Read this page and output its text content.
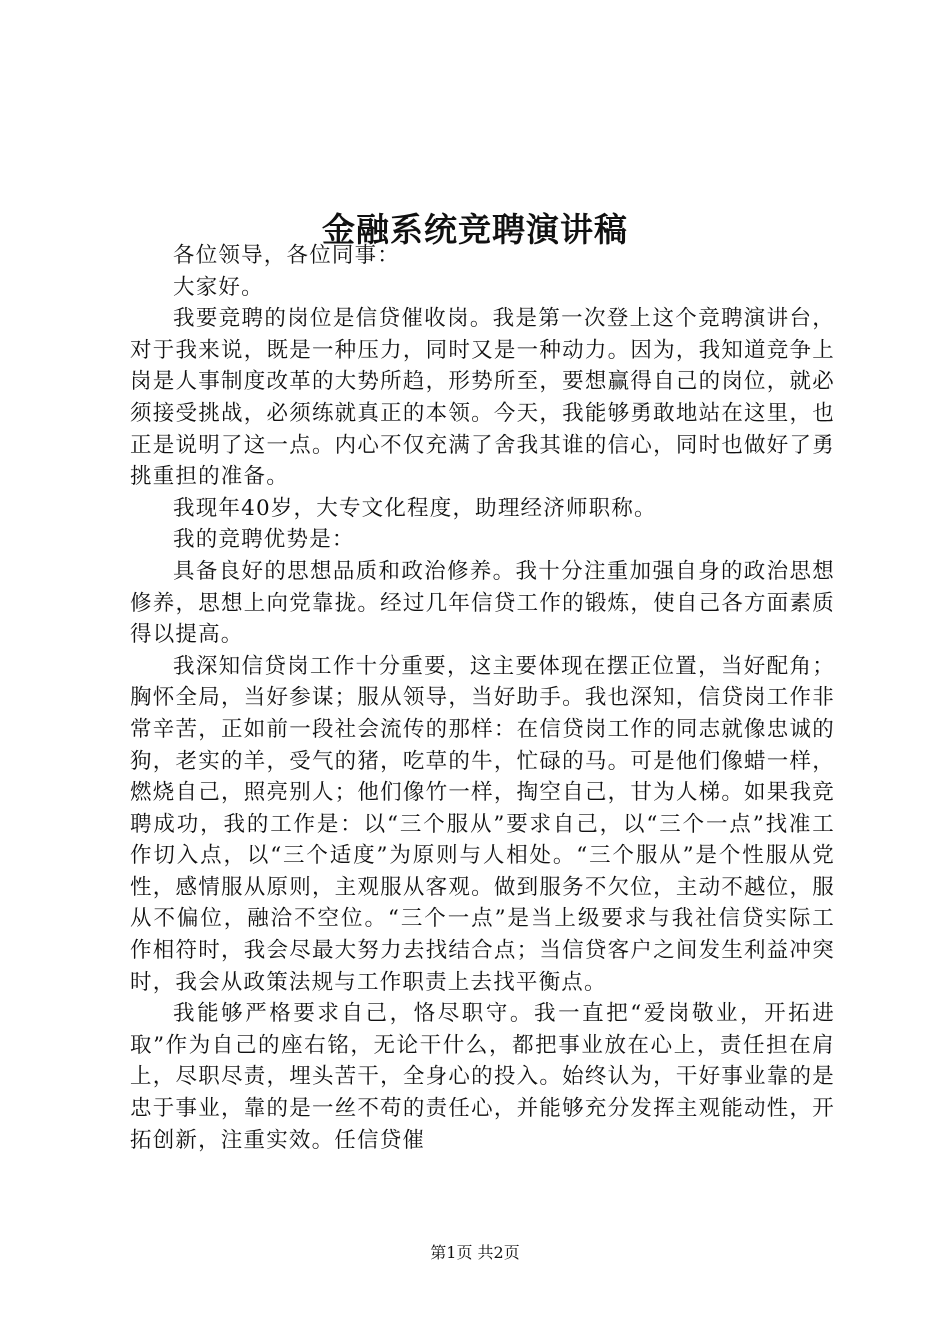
金融系统竞聘演讲稿

各位领导，各位同事：

大家好。

我要竞聘的岗位是信贷催收岗。我是第一次登上这个竞聘演讲台，对于我来说，既是一种压力，同时又是一种动力。因为，我知道竞争上岗是人事制度改革的大势所趋，形势所至，要想赢得自己的岗位，就必须接受挑战，必须练就真正的本领。今天，我能够勇敢地站在这里，也正是说明了这一点。内心不仅充满了舍我其谁的信心，同时也做好了勇挑重担的准备。

我现年40岁，大专文化程度，助理经济师职称。

我的竞聘优势是：

具备良好的思想品质和政治修养。我十分注重加强自身的政治思想修养，思想上向党靠拢。经过几年信贷工作的锻炼，使自己各方面素质得以提高。

我深知信贷岗工作十分重要，这主要体现在摆正位置，当好配角；胸怀全局，当好参谋；服从领导，当好助手。我也深知，信贷岗工作非常辛苦，正如前一段社会流传的那样：在信贷岗工作的同志就像忠诚的狗，老实的羊，受气的猪，吃草的牛，忙碌的马。可是他们像蜡一样，燃烧自己，照亮别人；他们像竹一样，掏空自己，甘为人梯。如果我竞聘成功，我的工作是：以“三个服从”要求自己，以“三个一点”找准工作切入点，以“三个适度”为原则与人相处。“三个服从”是个性服从党性，感情服从原则，主观服从客观。做到服务不欠位，主动不越位，服从不偏位，融洽不空位。“三个一点”是当上级要求与我社信贷实际工作相符时，我会尽最大努力去找结合点；当信贷客户之间发生利益冲突时，我会从政策法规与工作职责上去找平衡点。

我能够严格要求自己，恪尽职守。我一直把“爱岗敬业，开拓进取”作为自己的座右铭，无论干什么，都把事业放在心上，责任担在肩上，尽职尽责，埋头苦干，全身心的投入。始终认为，干好事业靠的是忠于事业，靠的是一丝不苟的责任心，并能够充分发挥主观能动性，开拓创新，注重实效。任信贷催

第1页 共2页
